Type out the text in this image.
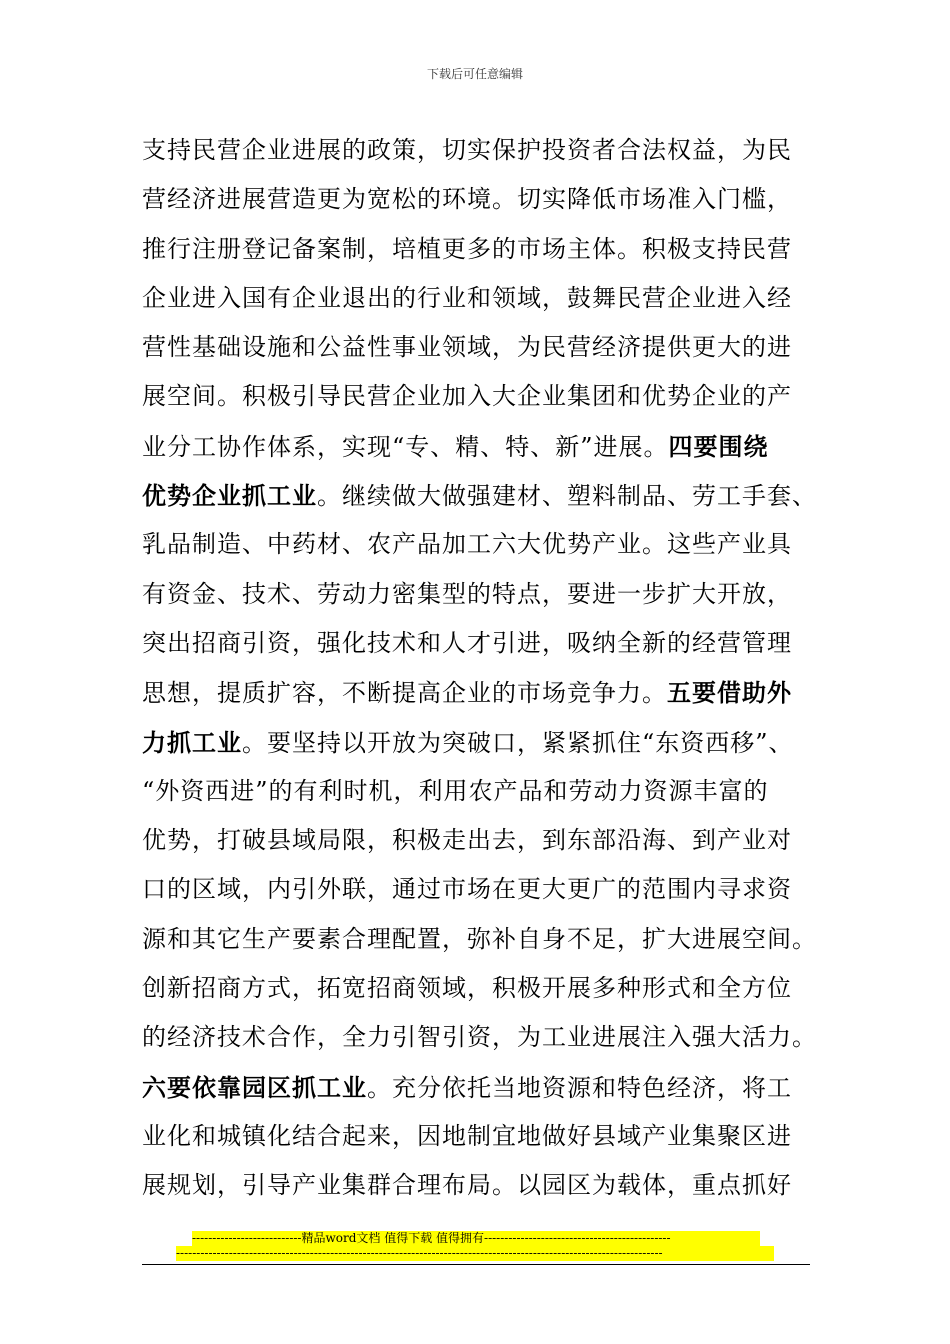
下载后可任意编辑
支持民营企业进展的政策，切实保护投资者合法权益，为民
营经济进展营造更为宽松的环境。切实降低市场准入门槛，
推行注册登记备案制，培植更多的市场主体。积极支持民营
企业进入国有企业退出的行业和领域，鼓舞民营企业进入经
营性基础设施和公益性事业领域，为民营经济提供更大的进
展空间。积极引导民营企业加入大企业集团和优势企业的产
业分工协作体系，实现“专、精、特、新”进展。四要围绕
优势企业抓工业。继续做大做强建材、塑料制品、劳工手套、
乳品制造、中药材、农产品加工六大优势产业。这些产业具
有资金、技术、劳动力密集型的特点，要进一步扩大开放，
突出招商引资，强化技术和人才引进，吸纳全新的经营管理
思想，提质扩容，不断提高企业的市场竞争力。五要借助外
力抓工业。要坚持以开放为突破口，紧紧抓住“东资西移”、
“外资西进”的有利时机，利用农产品和劳动力资源丰富的
优势，打破县域局限，积极走出去，到东部沿海、到产业对
口的区域，内引外联，通过市场在更大更广的范围内寻求资
源和其它生产要素合理配置，弥补自身不足，扩大进展空间。
创新招商方式，拓宽招商领域，积极开展多种形式和全方位
的经济技术合作，全力引智引资，为工业进展注入强大活力。
六要依靠园区抓工业。充分依托当地资源和特色经济，将工
业化和城镇化结合起来，因地制宜地做好县域产业集聚区进
展规划，引导产业集群合理布局。以园区为载体，重点抓好
---------------------------精品word文档 值得下载 值得拥有----------------------------------------------
------------------------------------------------------------------------------------------------------------------------
